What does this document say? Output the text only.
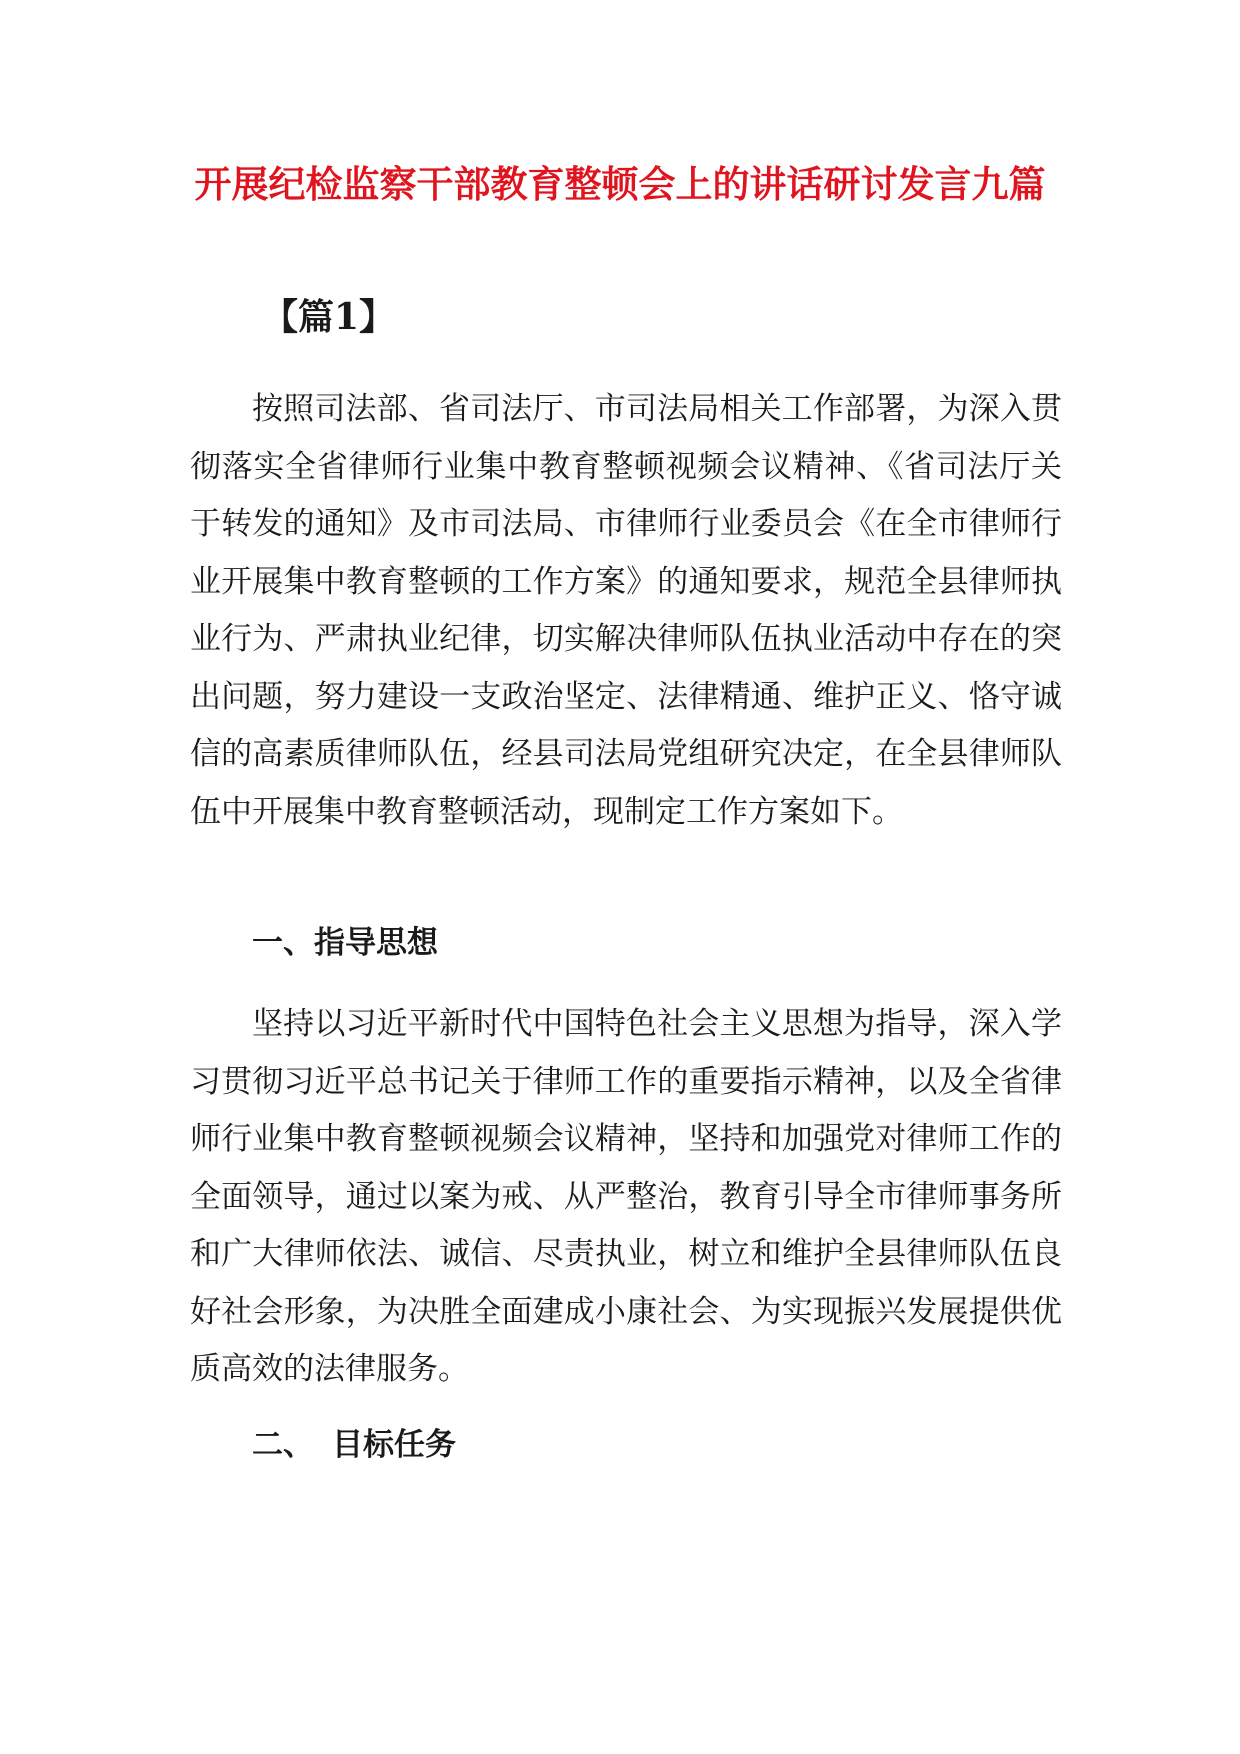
开展纪检监察干部教育整顿会上的讲话研讨发言九篇
【篇1】

按照司法部、省司法厅、市司法局相关工作部署，为深入贯彻落实全省律师行业集中教育整顿视频会议精神、《省司法厅关于转发的通知》及市司法局、市律师行业委员会《在全市律师行业开展集中教育整顿的工作方案》的通知要求，规范全县律师执业行为、严肃执业纪律，切实解决律师队伍执业活动中存在的突出问题，努力建设一支政治坚定、法律精通、维护正义、恪守诚信的高素质律师队伍，经县司法局党组研究决定，在全县律师队伍中开展集中教育整顿活动，现制定工作方案如下。

一、指导思想

坚持以习近平新时代中国特色社会主义思想为指导，深入学习贯彻习近平总书记关于律师工作的重要指示精神，以及全省律师行业集中教育整顿视频会议精神，坚持和加强党对律师工作的全面领导，通过以案为戒、从严整治，教育引导全市律师事务所和广大律师依法、诚信、尽责执业，树立和维护全县律师队伍良好社会形象，为决胜全面建成小康社会、为实现振兴发展提供优质高效的法律服务。

二、 目标任务
